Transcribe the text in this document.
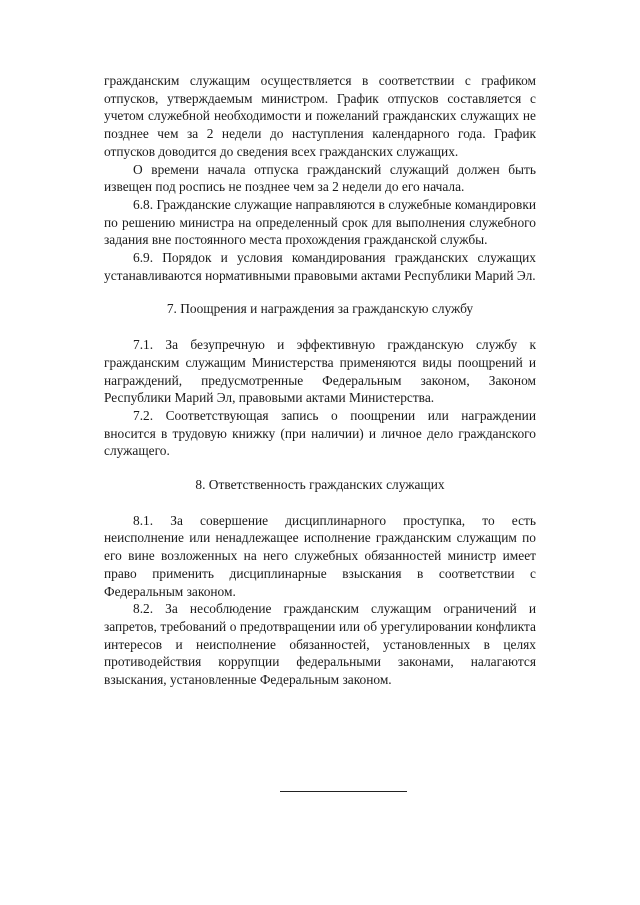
гражданским служащим осуществляется в соответствии с графиком отпусков, утверждаемым министром. График отпусков составляется с учетом служебной необходимости и пожеланий гражданских служащих не позднее чем за 2 недели до наступления календарного года. График отпусков доводится до сведения всех гражданских служащих.

О времени начала отпуска гражданский служащий должен быть извещен под роспись не позднее чем за 2 недели до его начала.

6.8. Гражданские служащие направляются в служебные командировки по решению министра на определенный срок для выполнения служебного задания вне постоянного места прохождения гражданской службы.

6.9. Порядок и условия командирования гражданских служащих устанавливаются нормативными правовыми актами Республики Марий Эл.

7. Поощрения и награждения за гражданскую службу

7.1. За безупречную и эффективную гражданскую службу к гражданским служащим Министерства применяются виды поощрений и награждений, предусмотренные Федеральным законом, Законом Республики Марий Эл, правовыми актами Министерства.

7.2. Соответствующая запись о поощрении или награждении вносится в трудовую книжку (при наличии) и личное дело гражданского служащего.

8. Ответственность гражданских служащих

8.1. За совершение дисциплинарного проступка, то есть неисполнение или ненадлежащее исполнение гражданским служащим по его вине возложенных на него служебных обязанностей министр имеет право применить дисциплинарные взыскания в соответствии с Федеральным законом.

8.2. За несоблюдение гражданским служащим ограничений и запретов, требований о предотвращении или об урегулировании конфликта интересов и неисполнение обязанностей, установленных в целях противодействия коррупции федеральными законами, налагаются взыскания, установленные Федеральным законом.
